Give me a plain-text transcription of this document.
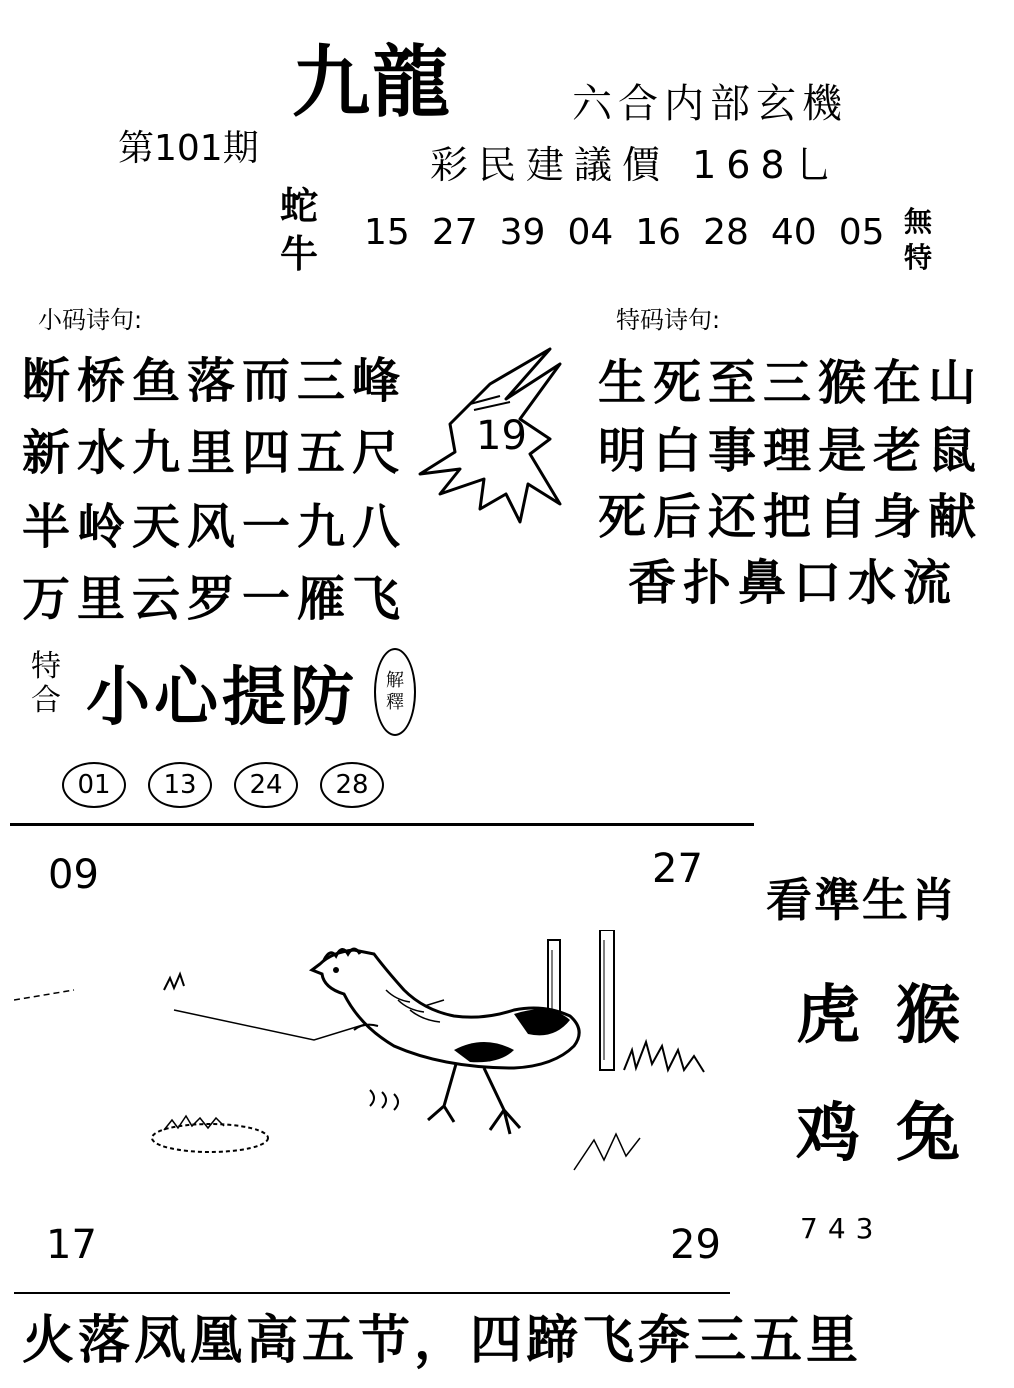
九龍	六合内部玄機
第101期	彩民建議價 168乚
蛇
牛 15 27 39 04 16 28 40 05 無
特
小码诗句:
断桥鱼落而三峰
新水九里四五尺
半岭天风一九八
万里云罗一雁飞
特码诗句:
生死至三猴在山
明白事理是老鼠
死后还把自身献
香扑鼻口水流
19
特
合 小心提防 解
釋
01	13	24	28
09	27
17	29
看準生肖
虎 猴
鸡 兔
743
火落凤凰高五节，四蹄飞奔三五里
